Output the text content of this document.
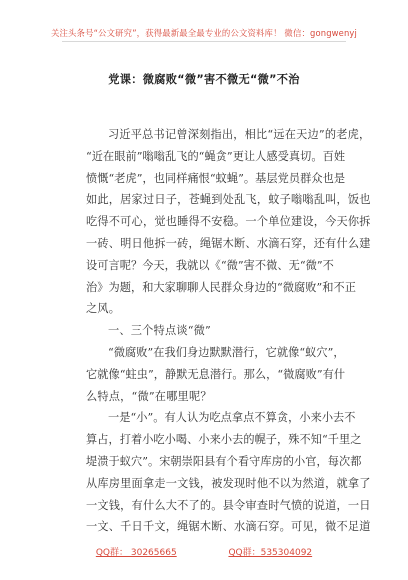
关注头条号“公文研究”，获得最新最全最专业的公文资料库！ 微信：gongwenyj
党课：微腐败“微”害不微无“微”不治
习近平总书记曾深刻指出，相比“远在天边”的老虎，
“近在眼前”嗡嗡乱飞的“蝇贪”更让人感受真切。百姓
愤慨“老虎”，也同样痛恨“蚊蝇”。基层党员群众也是
如此，居家过日子，苍蝇到处乱飞，蚊子嗡嗡乱叫，饭也
吃得不可心，觉也睡得不安稳。一个单位建设，今天你拆
一砖、明日他拆一砖，绳锯木断、水滴石穿，还有什么建
设可言呢？今天，我就以《“微”害不微、无“微”不
治》为题，和大家聊聊人民群众身边的“微腐败”和不正
之风。
一、三个特点谈“微”
“微腐败”在我们身边默默潜行，它就像“蚁穴”，
它就像“蛀虫”，静默无息潜行。那么，“微腐败”有什
么特点，“微”在哪里呢？
一是“小”。有人认为吃点拿点不算贪，小来小去不
算占，打着小吃小喝、小来小去的幌子，殊不知“千里之
堤溃于蚁穴”。宋朝崇阳县有个看守库房的小官，每次都
从库房里面拿走一文钱，被发现时他不以为然道，就拿了
一文钱，有什么大不了的。县令审查时气愤的说道，一日
一文、千日千文，绳锯木断、水滴石穿。可见，微不足道
QQ群： 30265665	QQ群：535304092
